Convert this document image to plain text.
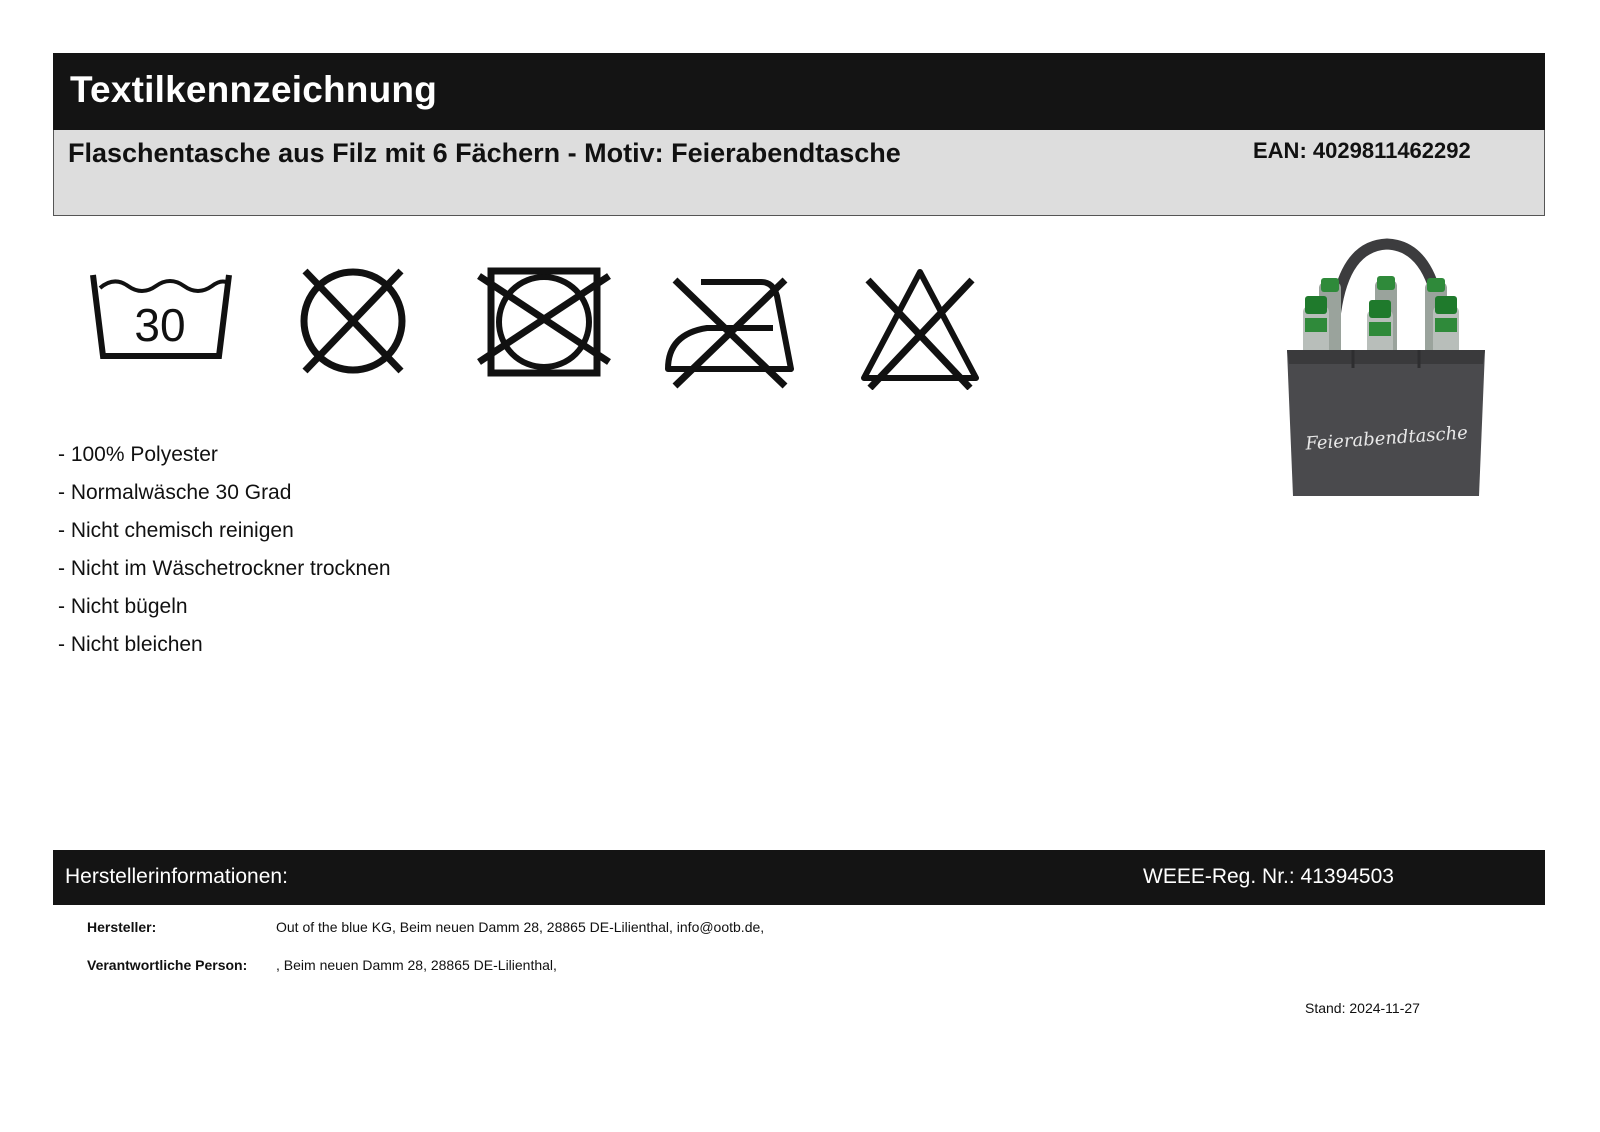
Textilkennzeichnung
Flaschentasche aus Filz mit 6 Fächern - Motiv: Feierabendtasche	EAN: 4029811462292
30
- 100% Polyester
- Normalwäsche 30 Grad
- Nicht chemisch reinigen
- Nicht im Wäschetrockner trocknen
- Nicht bügeln
- Nicht bleichen
Feierabendtasche
Herstellerinformationen:	WEEE-Reg. Nr.: 41394503
Hersteller:	Out of the blue KG, Beim neuen Damm 28, 28865 DE-Lilienthal, info@ootb.de,
Verantwortliche Person: , Beim neuen Damm 28, 28865 DE-Lilienthal,
Stand: 2024-11-27
